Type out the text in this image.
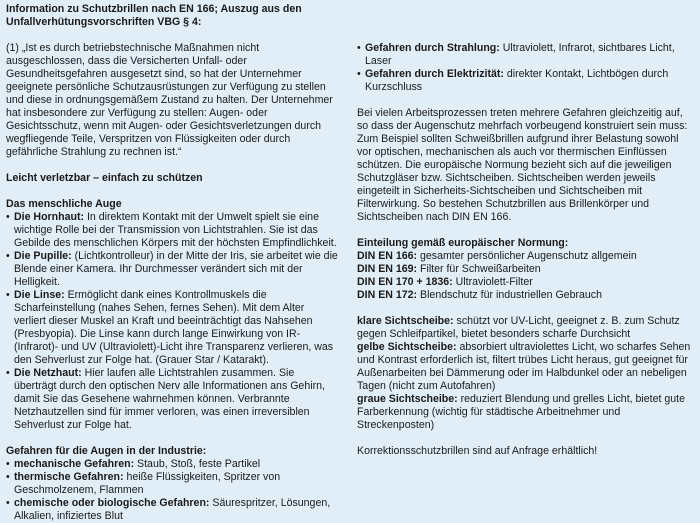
Information zu Schutzbrillen nach EN 166; Auszug aus den Unfallverhütungsvorschriften VBG § 4:

(1) „Ist es durch betriebstechnische Maßnahmen nicht ausgeschlossen, dass die Versicherten Unfall- oder Gesundheitsgefahren ausgesetzt sind, so hat der Unternehmer geeignete persönliche Schutzausrüstungen zur Verfügung zu stellen und diese in ordnungsgemäßem Zustand zu halten. Der Unternehmer hat insbesondere zur Verfügung zu stellen: Augen- oder Gesichtsschutz, wenn mit Augen- oder Gesichtsverletzungen durch wegfliegende Teile, Verspritzen von Flüssigkeiten oder durch gefährliche Strahlung zu rechnen ist.“

Leicht verletzbar – einfach zu schützen

Das menschliche Auge

• Die Hornhaut: In direktem Kontakt mit der Umwelt spielt sie eine wichtige Rolle bei der Transmission von Lichtstrahlen. Sie ist das Gebilde des menschlichen Körpers mit der höchsten Empfindlichkeit.
• Die Pupille: (Lichtkontrolleur) in der Mitte der Iris, sie arbeitet wie die Blende einer Kamera. Ihr Durchmesser verändert sich mit der Helligkeit.
• Die Linse: Ermöglicht dank eines Kontrollmuskels die Scharfeinstellung (nahes Sehen, fernes Sehen). Mit dem Alter verliert dieser Muskel an Kraft und beeinträchtigt das Nahsehen (Presbyopia). Die Linse kann durch lange Einwirkung von IR- (Infrarot)- und UV (Ultraviolett)-Licht ihre Transparenz verlieren, was den Sehverlust zur Folge hat. (Grauer Star / Katarakt).
• Die Netzhaut: Hier laufen alle Lichtstrahlen zusammen. Sie überträgt durch den optischen Nerv alle Informationen ans Gehirn, damit Sie das Gesehene wahrnehmen können. Verbrannte Netzhautzellen sind für immer verloren, was einen irreversiblen Sehverlust zur Folge hat.

Gefahren für die Augen in der Industrie:

• mechanische Gefahren: Staub, Stoß, feste Partikel
• thermische Gefahren: heiße Flüssigkeiten, Spritzer von Geschmolzenem, Flammen
• chemische oder biologische Gefahren: Säurespritzer, Lösungen, Alkalien, infiziertes Blut
• Gefahren durch Strahlung: Ultraviolett, Infrarot, sichtbares Licht, Laser
• Gefahren durch Elektrizität: direkter Kontakt, Lichtbögen durch Kurzschluss

Bei vielen Arbeitsprozessen treten mehrere Gefahren gleichzeitig auf, so dass der Augenschutz mehrfach vorbeugend konstruiert sein muss: Zum Beispiel sollten Schweißbrillen aufgrund ihrer Belastung sowohl vor optischen, mechanischen als auch vor thermischen Einflüssen schützen. Die europäische Normung bezieht sich auf die jeweiligen Schutzgläser bzw. Sichtscheiben. Sichtscheiben werden jeweils eingeteilt in Sicherheits-Sichtscheiben und Sichtscheiben mit Filterwirkung. So bestehen Schutzbrillen aus Brillenkörper und Sichtscheiben nach DIN EN 166.

Einteilung gemäß europäischer Normung:

DIN EN 166: gesamter persönlicher Augenschutz allgemein

DIN EN 169: Filter für Schweißarbeiten

DIN EN 170 + 1836: Ultraviolett-Filter

DIN EN 172: Blendschutz für industriellen Gebrauch

klare Sichtscheibe: schützt vor UV-Licht, geeignet z. B. zum Schutz gegen Schleifpartikel, bietet besonders scharfe Durchsicht

gelbe Sichtscheibe: absorbiert ultraviolettes Licht, wo scharfes Sehen und Kontrast erforderlich ist, filtert trübes Licht heraus, gut geeignet für Außenarbeiten bei Dämmerung oder im Halbdunkel oder an nebeligen Tagen (nicht zum Autofahren)

graue Sichtscheibe: reduziert Blendung und grelles Licht, bietet gute Farberkennung (wichtig für städtische Arbeitnehmer und Streckenposten)

Korrektionsschutzbrillen sind auf Anfrage erhältlich!
